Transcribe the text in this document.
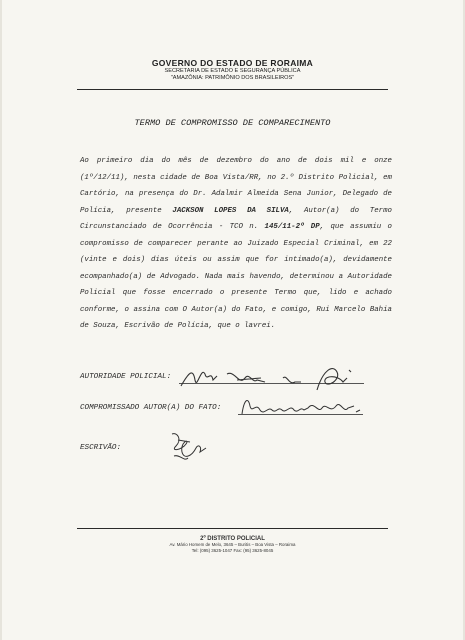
GOVERNO DO ESTADO DE RORAIMA
SECRETARIA DE ESTADO E SEGURANÇA PÚBLICA
"AMAZÔNIA: PATRIMÔNIO DOS BRASILEIROS"
TERMO DE COMPROMISSO DE COMPARECIMENTO
Ao primeiro dia do mês de dezembro do ano de dois mil e onze (1º/12/11), nesta cidade de Boa Vista/RR, no 2.º Distrito Policial, em Cartório, na presença do Dr. Adalmir Almeida Sena Junior, Delegado de Polícia, presente JACKSON LOPES DA SILVA, Autor(a) do Termo Circunstanciado de Ocorrência - TCO n. 145/11-2º DP, que assumiu o compromisso de comparecer perante ao Juizado Especial Criminal, em 22 (vinte e dois) dias úteis ou assim que for intimado(a), devidamente ecompanhado(a) de Advogado. Nada mais havendo, determinou a Autoridade Policial que fosse encerrado o presente Termo que, lido e achado conforme, o assina com O Autor(a) do Fato, e comigo, Rui Marcelo Bahia de Souza, Escrivão de Polícia, que o lavrei.
AUTORIDADE POLICIAL:
COMPROMISSADO AUTOR(A) DO FATO:
ESCRIVÃO:
2º DISTRITO POLICIAL
Av. Mário Homem de Melo, 3645 – Buritis – Boa Vista – Roraima
Tel: (095) 3625-1047 Fax: (95) 3625-8045
